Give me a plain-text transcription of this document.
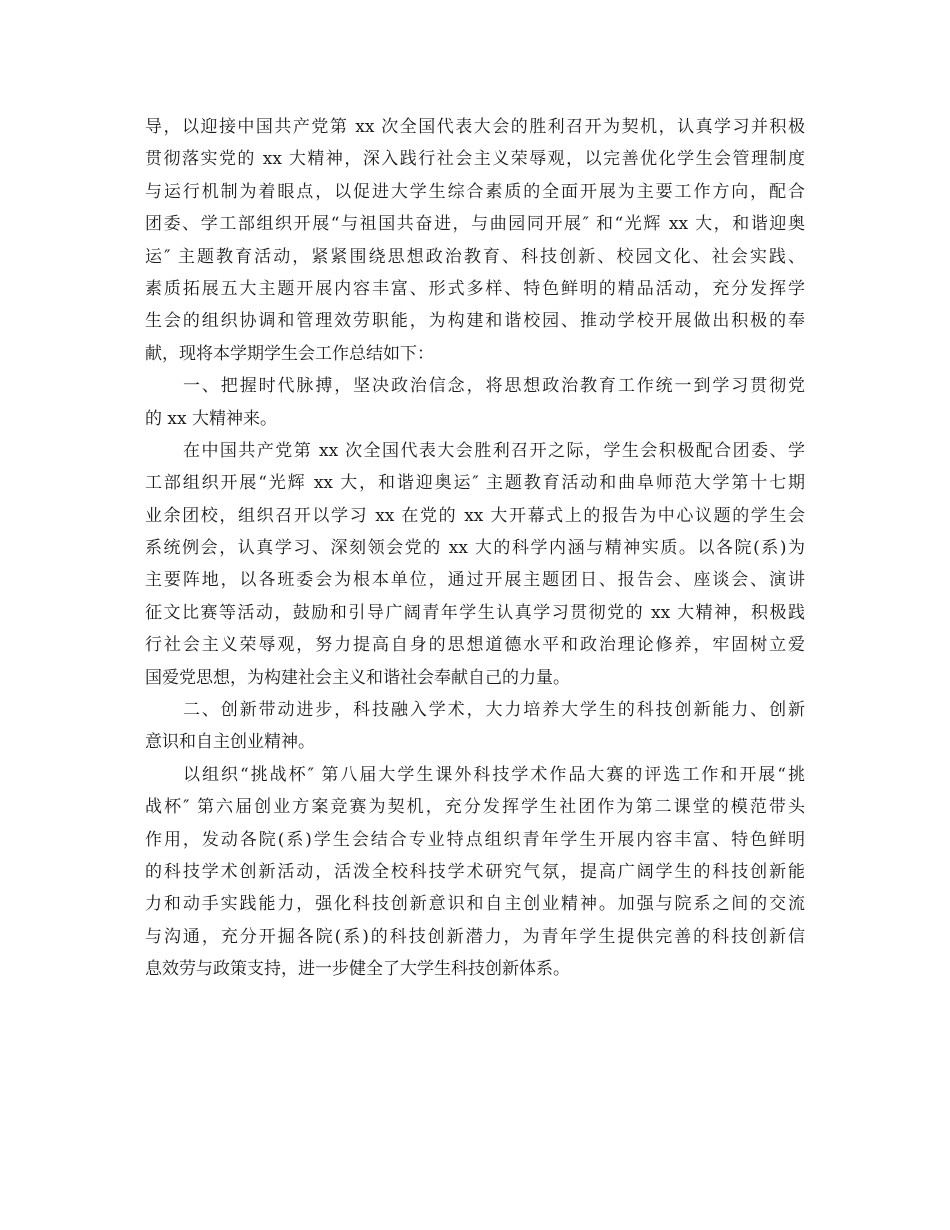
导，以迎接中国共产党第 xx 次全国代表大会的胜利召开为契机，认真学习并积极
贯彻落实党的 xx 大精神，深入践行社会主义荣辱观，以完善优化学生会管理制度
与运行机制为着眼点，以促进大学生综合素质的全面开展为主要工作方向，配合
团委、学工部组织开展“与祖国共奋进，与曲园同开展″ 和“光辉 xx 大，和谐迎奥
运″ 主题教育活动，紧紧围绕思想政治教育、科技创新、校园文化、社会实践、
素质拓展五大主题开展内容丰富、形式多样、特色鲜明的精品活动，充分发挥学
生会的组织协调和管理效劳职能，为构建和谐校园、推动学校开展做出积极的奉
献，现将本学期学生会工作总结如下：
一、把握时代脉搏，坚决政治信念，将思想政治教育工作统一到学习贯彻党
的 xx 大精神来。
在中国共产党第 xx 次全国代表大会胜利召开之际，学生会积极配合团委、学
工部组织开展“光辉 xx 大，和谐迎奥运″ 主题教育活动和曲阜师范大学第十七期
业余团校，组织召开以学习 xx 在党的 xx 大开幕式上的报告为中心议题的学生会
系统例会，认真学习、深刻领会党的 xx 大的科学内涵与精神实质。以各院(系)为
主要阵地，以各班委会为根本单位，通过开展主题团日、报告会、座谈会、演讲
征文比赛等活动，鼓励和引导广阔青年学生认真学习贯彻党的 xx 大精神，积极践
行社会主义荣辱观，努力提高自身的思想道德水平和政治理论修养，牢固树立爱
国爱党思想，为构建社会主义和谐社会奉献自己的力量。
二、创新带动进步，科技融入学术，大力培养大学生的科技创新能力、创新
意识和自主创业精神。
以组织“挑战杯″ 第八届大学生课外科技学术作品大赛的评选工作和开展“挑
战杯″ 第六届创业方案竞赛为契机，充分发挥学生社团作为第二课堂的模范带头
作用，发动各院(系)学生会结合专业特点组织青年学生开展内容丰富、特色鲜明
的科技学术创新活动，活泼全校科技学术研究气氛，提高广阔学生的科技创新能
力和动手实践能力，强化科技创新意识和自主创业精神。加强与院系之间的交流
与沟通，充分开掘各院(系)的科技创新潜力，为青年学生提供完善的科技创新信
息效劳与政策支持，进一步健全了大学生科技创新体系。
